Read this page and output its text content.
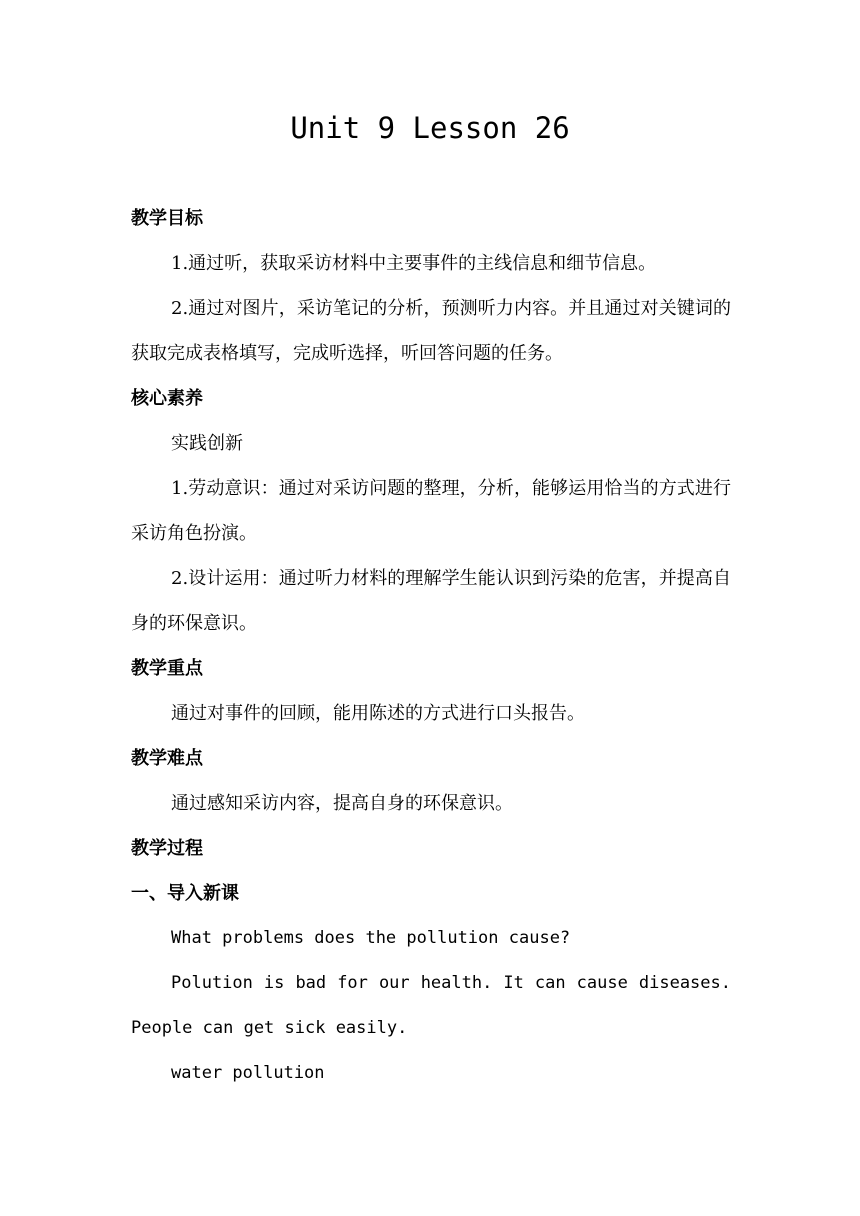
Unit 9 Lesson 26
教学目标
1.通过听，获取采访材料中主要事件的主线信息和细节信息。
2.通过对图片，采访笔记的分析，预测听力内容。并且通过对关键词的获取完成表格填写，完成听选择，听回答问题的任务。
核心素养
实践创新
1.劳动意识：通过对采访问题的整理，分析，能够运用恰当的方式进行采访角色扮演。
2.设计运用：通过听力材料的理解学生能认识到污染的危害，并提高自身的环保意识。
教学重点
通过对事件的回顾，能用陈述的方式进行口头报告。
教学难点
通过感知采访内容，提高自身的环保意识。
教学过程
一、导入新课
What problems does the pollution cause?
Polution is bad for our health. It can cause diseases. People can get sick easily.
water pollution
